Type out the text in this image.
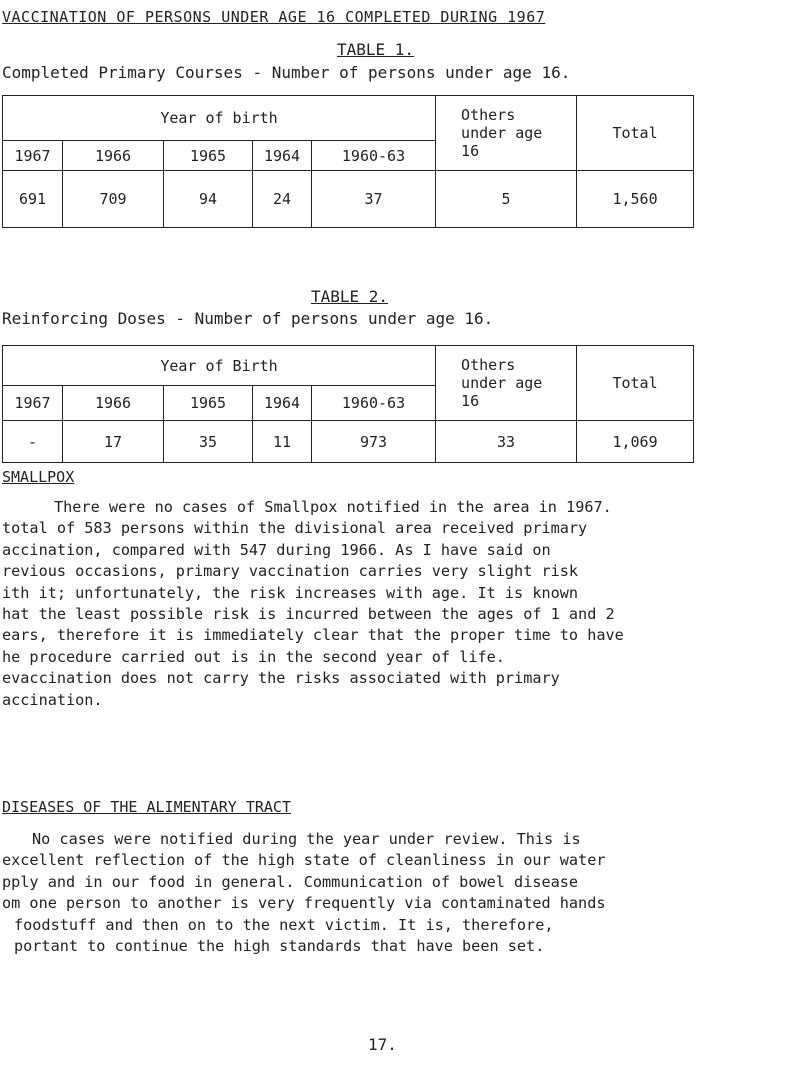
VACCINATION OF PERSONS UNDER AGE 16 COMPLETED DURING 1967
TABLE 1.
Completed Primary Courses - Number of persons under age 16.
Year of birth					Others under age 16	Total
1967	1966	1965	1964	1960-63		
691	709	94	24	37	5	1,560
TABLE 2.
Reinforcing Doses - Number of persons under age 16.
Year of Birth					Others under age 16	Total
1967	1966	1965	1964	1960-63		
-	17	35	11	973	33	1,069
SMALLPOX
There were no cases of Smallpox notified in the area in 1967.
total of 583 persons within the divisional area received primary
accination, compared with 547 during 1966. As I have said on
revious occasions, primary vaccination carries very slight risk
ith it; unfortunately, the risk increases with age. It is known
hat the least possible risk is incurred between the ages of 1 and 2
ears, therefore it is immediately clear that the proper time to have
he procedure carried out is in the second year of life.
evaccination does not carry the risks associated with primary
accination.
DISEASES OF THE ALIMENTARY TRACT
No cases were notified during the year under review. This is
excellent reflection of the high state of cleanliness in our water
pply and in our food in general. Communication of bowel disease
om one person to another is very frequently via contaminated hands
foodstuff and then on to the next victim. It is, therefore,
portant to continue the high standards that have been set.
17.
